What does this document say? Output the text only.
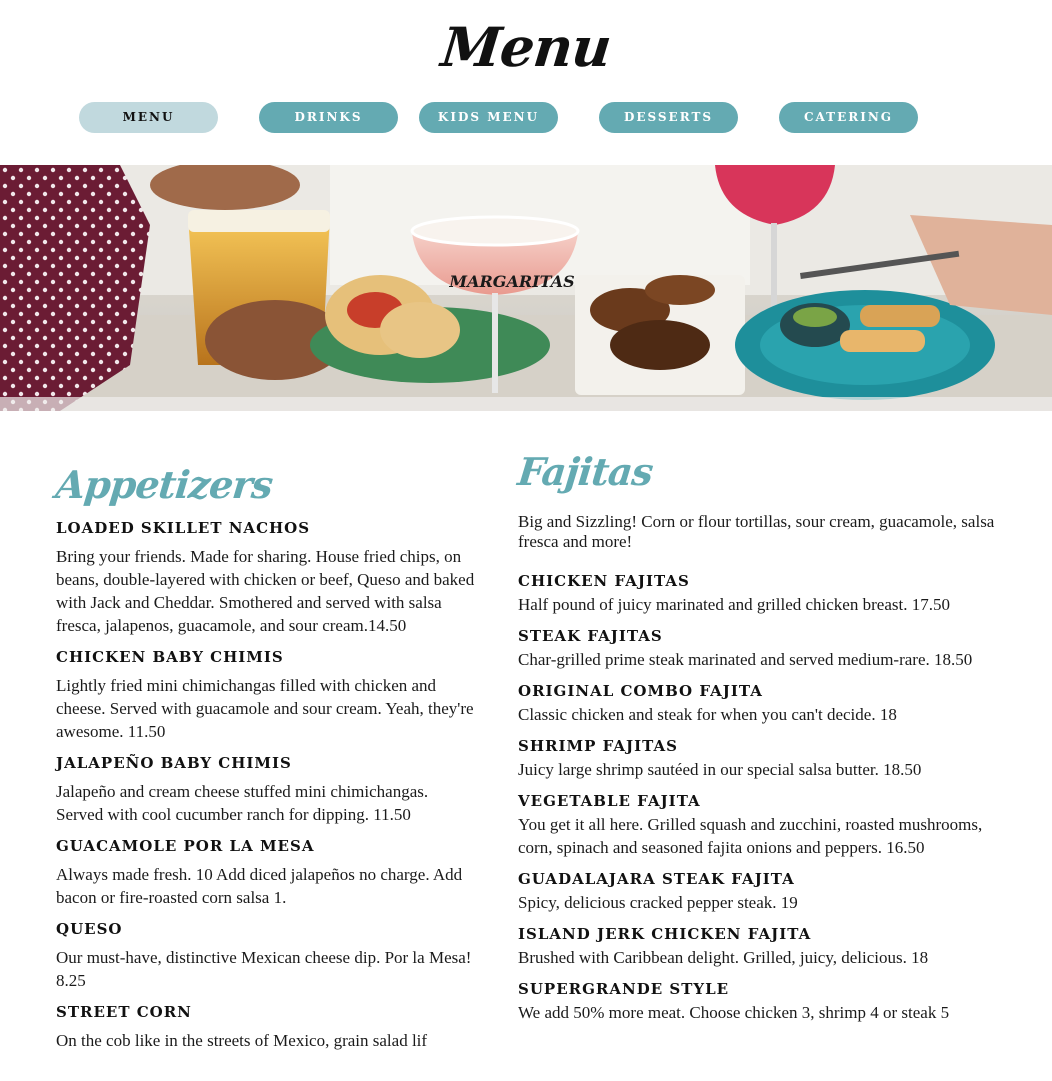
Menu
MENU	DRINKS	KIDS MENU	DESSERTS	CATERING
MARGARITAS
Appetizers
LOADED SKILLET NACHOS
Bring your friends. Made for sharing. House fried chips, on beans, double-layered with chicken or beef, Queso and baked with Jack and Cheddar. Smothered and served with salsa fresca, jalapenos, guacamole, and sour cream.14.50
CHICKEN BABY CHIMIS
Lightly fried mini chimichangas filled with chicken and cheese. Served with guacamole and sour cream. Yeah, they're awesome. 11.50
JALAPEÑO BABY CHIMIS
Jalapeño and cream cheese stuffed mini chimichangas. Served with cool cucumber ranch for dipping. 11.50
GUACAMOLE POR LA MESA
Always made fresh. 10 Add diced jalapeños no charge. Add bacon or fire-roasted corn salsa 1.
QUESO
Our must-have, distinctive Mexican cheese dip. Por la Mesa! 8.25
STREET CORN
On the cob like in the streets of Mexico, grain salad lif
Fajitas
Big and Sizzling! Corn or flour tortillas, sour cream, guacamole, salsa fresca and more!
CHICKEN FAJITAS
Half pound of juicy marinated and grilled chicken breast. 17.50
STEAK FAJITAS
Char-grilled prime steak marinated and served medium-rare. 18.50
ORIGINAL COMBO FAJITA
Classic chicken and steak for when you can't decide. 18
SHRIMP FAJITAS
Juicy large shrimp sautéed in our special salsa butter. 18.50
VEGETABLE FAJITA
You get it all here. Grilled squash and zucchini, roasted mushrooms, corn, spinach and seasoned fajita onions and peppers. 16.50
GUADALAJARA STEAK FAJITA
Spicy, delicious cracked pepper steak. 19
ISLAND JERK CHICKEN FAJITA
Brushed with Caribbean delight. Grilled, juicy, delicious. 18
SUPERGRANDE STYLE
We add 50% more meat. Choose chicken 3, shrimp 4 or steak 5
